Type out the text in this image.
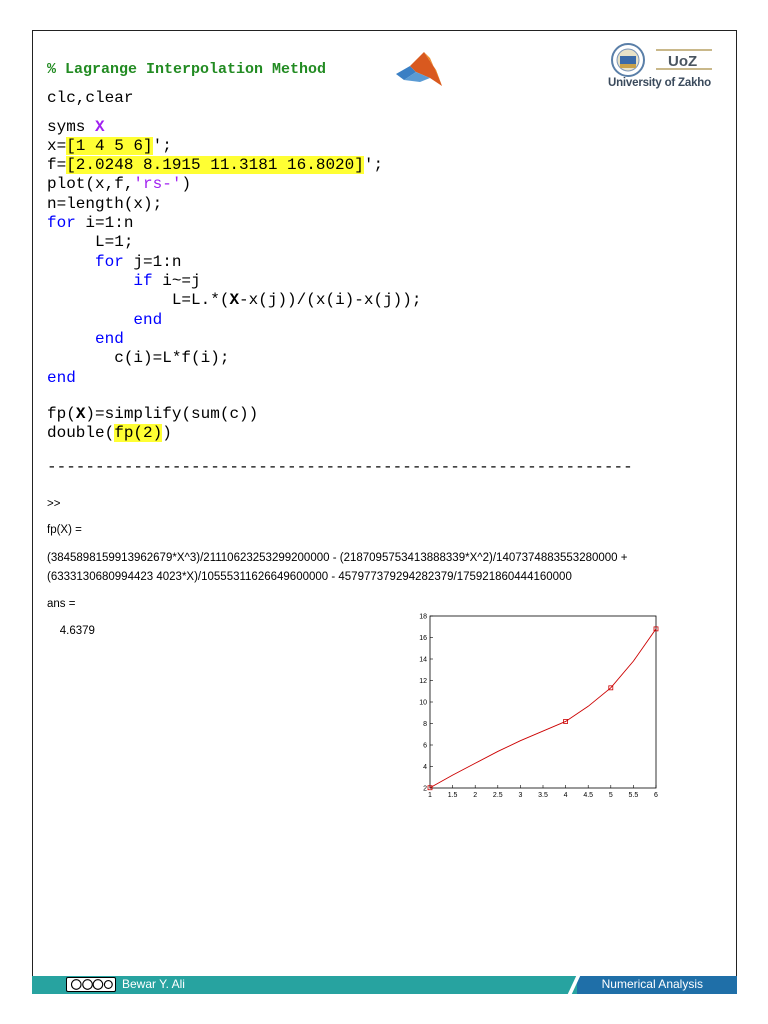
UoZ
University of Zakho

% Lagrange Interpolation Method

clc,clear

syms X

x=[1 4 5 6]';

f=[2.0248 8.1915 11.3181 16.8020]';

plot(x,f,'rs-')

n=length(x);

for i=1:n

L=1;

for j=1:n

if i~=j

L=L.*(X-x(j))/(x(i)-x(j));

end

end

c(i)=L*f(i);

end

fp(X)=simplify(sum(c))

double(fp(2))

-------------------------------------------------------------
>>
fp(X) =
(3845898159913962679*X^3)/21110623253299200000 - (2187095753413888339*X^2)/1407374883553280000 +
(6333130680994423 4023*X)/10555311626649600000 - 457977379294282379/175921860444160000
ans =
4.6379
1 1.5 2 2.5 3 3.5 4 4.5 5 5.5 6
2
4
6
8
10
12
14
16
18
Bewar Y. Ali	Numerical Analysis
